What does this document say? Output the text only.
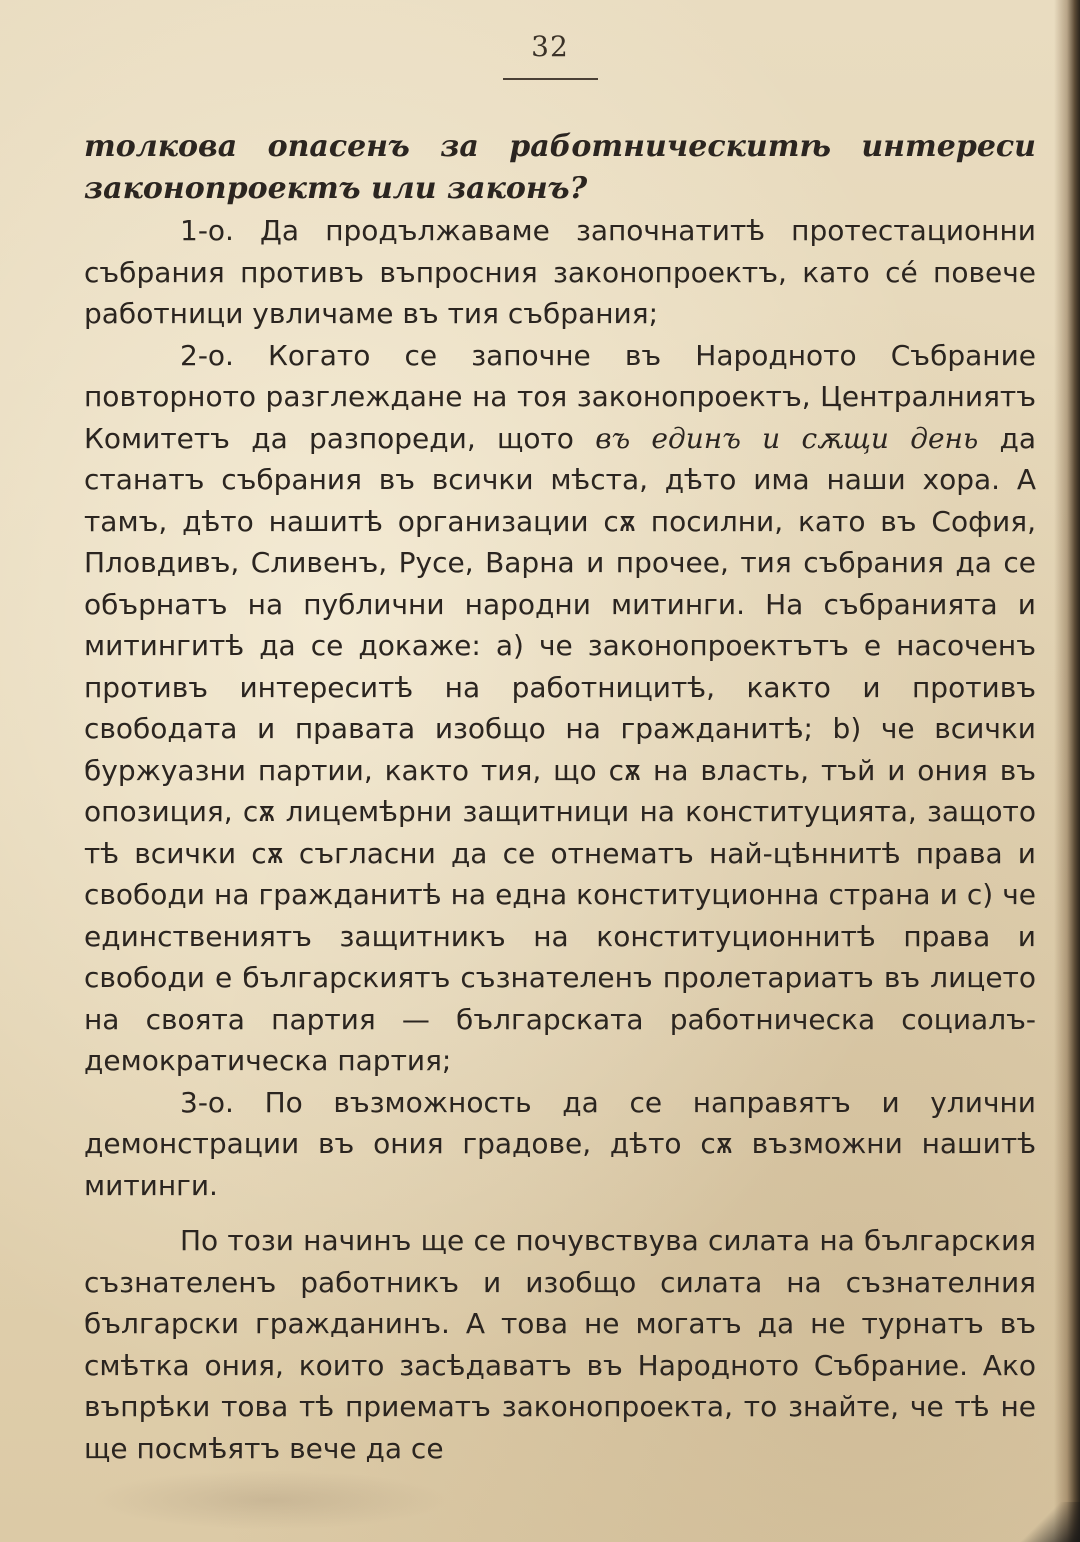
32

толкова опасенъ за работническитѣ интереси законопроектъ или законъ?

1-о. Да продължаваме започнатитѣ протестационни събрания противъ въпросния законопроектъ, като сé повече работници увличаме въ тия събрания;

2-о. Когато се започне въ Народното Събрание повторното разглеждане на тоя законопроектъ, Централниятъ Комитетъ да разпореди, щото въ единъ и сѫщи день да станатъ събрания въ всички мѣста, дѣто има наши хора. А тамъ, дѣто нашитѣ организации сѫ посилни, като въ София, Пловдивъ, Сливенъ, Русе, Варна и прочее, тия събрания да се обърнатъ на публични народни митинги. На събранията и митингитѣ да се докаже: а) че законопроектътъ е насоченъ противъ интереситѣ на работницитѣ, както и противъ свободата и правата изобщо на гражданитѣ; b) че всички буржуазни партии, както тия, що сѫ на власть, тъй и ония въ опозиция, сѫ лицемѣрни защитници на конституцията, защото тѣ всички сѫ съгласни да се отнематъ най-цѣннитѣ права и свободи на гражданитѣ на една конституционна страна и с) че единствениятъ защитникъ на конституционнитѣ права и свободи е българскиятъ съзнателенъ пролетариатъ въ лицето на своята партия — българската работническа социалъ-демократическа партия;

3-о. По възможность да се направятъ и улични демонстрации въ ония градове, дѣто сѫ възможни нашитѣ митинги.

По този начинъ ще се почувствува силата на българския съзнателенъ работникъ и изобщо силата на съзнателния български гражданинъ. А това не могатъ да не турнатъ въ смѣтка ония, които засѣдаватъ въ Народното Събрание. Ако въпрѣки това тѣ приематъ законопроекта, то знайте, че тѣ не ще посмѣятъ вече да се
